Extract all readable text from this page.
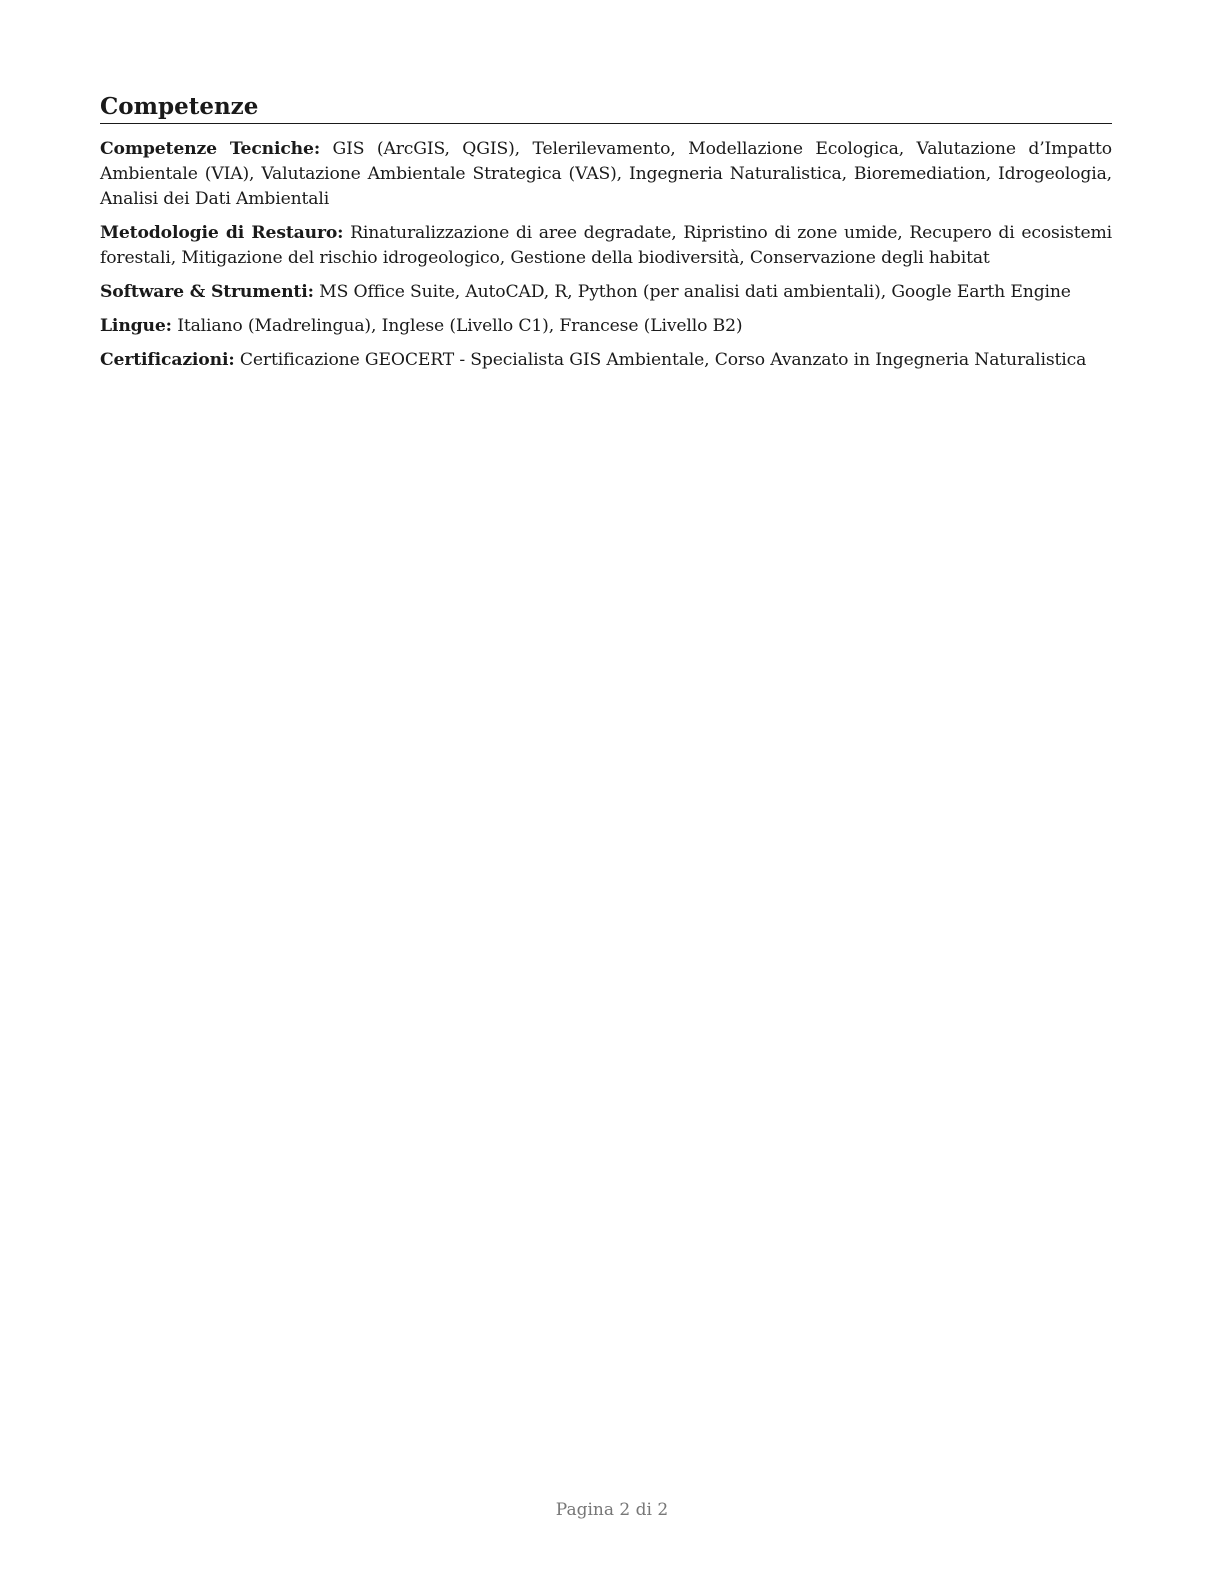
Competenze

Competenze Tecniche: GIS (ArcGIS, QGIS), Telerilevamento, Modellazione Ecologica, Valutazione d’Impatto Ambientale (VIA), Valutazione Ambientale Strategica (VAS), Ingegneria Naturalistica, Bioremediation, Idrogeologia, Analisi dei Dati Ambientali

Metodologie di Restauro: Rinaturalizzazione di aree degradate, Ripristino di zone umide, Recupero di ecosistemi forestali, Mitigazione del rischio idrogeologico, Gestione della biodiversità, Conservazione degli habitat

Software & Strumenti: MS Office Suite, AutoCAD, R, Python (per analisi dati ambientali), Google Earth Engine

Lingue: Italiano (Madrelingua), Inglese (Livello C1), Francese (Livello B2)

Certificazioni: Certificazione GEOCERT - Specialista GIS Ambientale, Corso Avanzato in Ingegneria Naturalistica

Pagina 2 di 2
